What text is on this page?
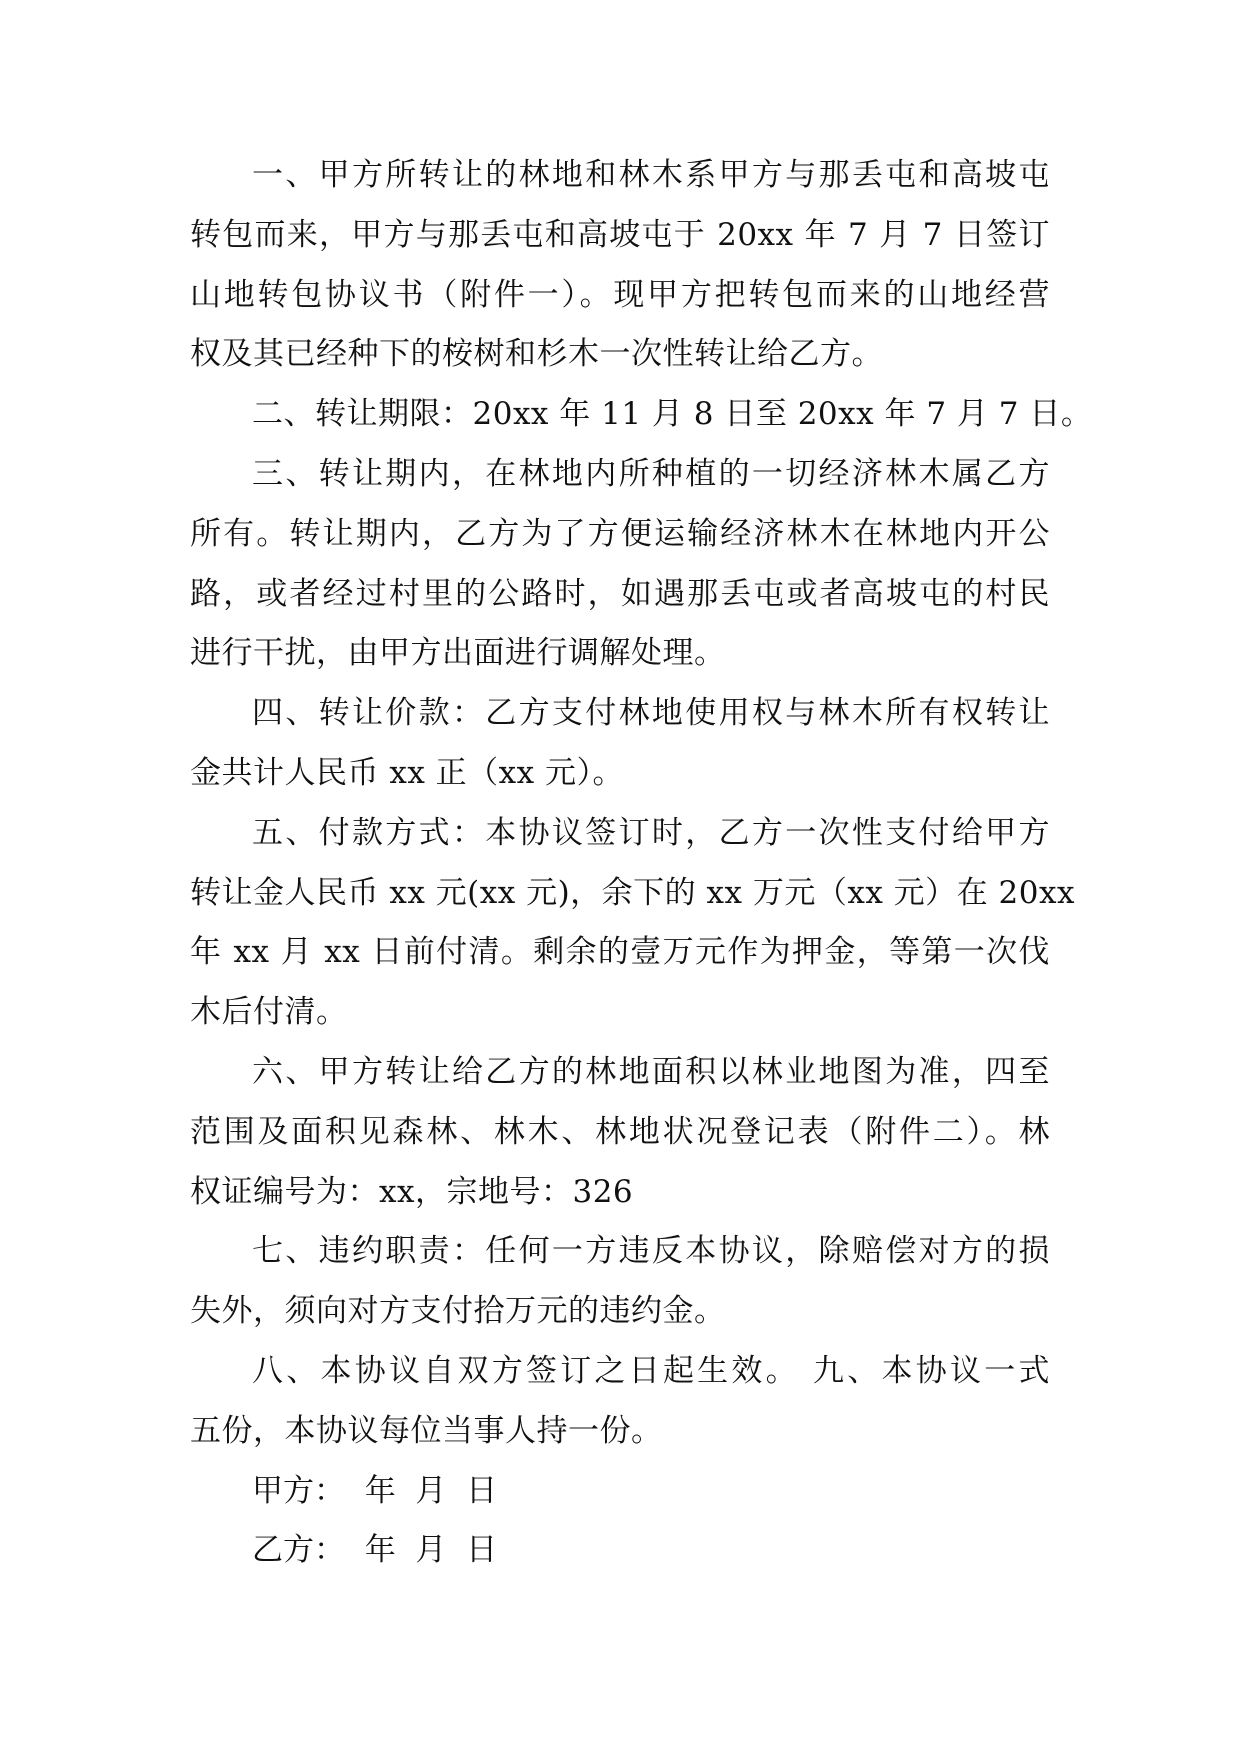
一、甲方所转让的林地和林木系甲方与那丢屯和高坡屯
转包而来，甲方与那丢屯和高坡屯于 20xx 年 7 月 7 日签订
山地转包协议书（附件一）。现甲方把转包而来的山地经营
权及其已经种下的桉树和杉木一次性转让给乙方。
二、转让期限：20xx 年 11 月 8 日至 20xx 年 7 月 7 日。
三、转让期内，在林地内所种植的一切经济林木属乙方
所有。转让期内，乙方为了方便运输经济林木在林地内开公
路，或者经过村里的公路时，如遇那丢屯或者高坡屯的村民
进行干扰，由甲方出面进行调解处理。
四、转让价款：乙方支付林地使用权与林木所有权转让
金共计人民币 xx 正（xx 元）。
五、付款方式：本协议签订时，乙方一次性支付给甲方
转让金人民币 xx 元(xx 元)，余下的 xx 万元（xx 元）在 20xx
年 xx 月 xx 日前付清。剩余的壹万元作为押金，等第一次伐
木后付清。
六、甲方转让给乙方的林地面积以林业地图为准，四至
范围及面积见森林、林木、林地状况登记表（附件二）。林
权证编号为：xx，宗地号：326
七、违约职责：任何一方违反本协议，除赔偿对方的损
失外，须向对方支付拾万元的违约金。
八、本协议自双方签订之日起生效。 九、本协议一式
五份，本协议每位当事人持一份。
甲方：  年  月  日
乙方：  年  月  日
